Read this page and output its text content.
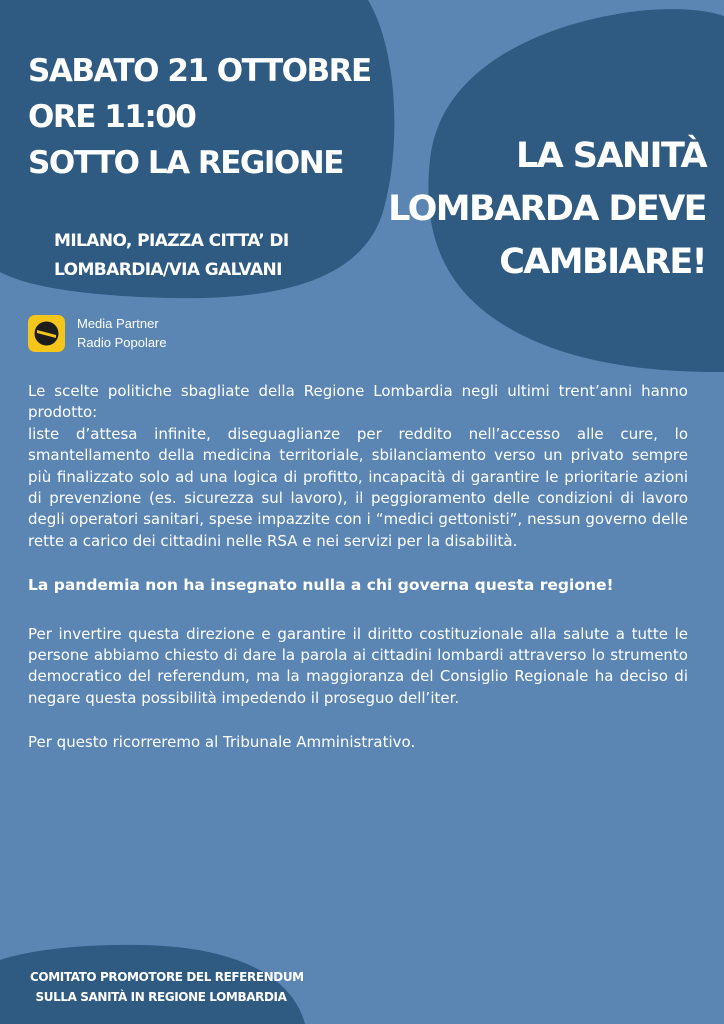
SABATO 21 OTTOBRE
ORE 11:00
SOTTO LA REGIONE
MILANO, PIAZZA CITTA’ DI
LOMBARDIA/VIA GALVANI
LA SANITÀ
LOMBARDA DEVE
CAMBIARE!
Media Partner
Radio Popolare

Le scelte politiche sbagliate della Regione Lombardia negli ultimi trent’anni hanno prodotto:

liste d’attesa infinite, diseguaglianze per reddito nell’accesso alle cure, lo smantellamento della medicina territoriale, sbilanciamento verso un privato sempre più finalizzato solo ad una logica di profitto, incapacità di garantire le prioritarie azioni di prevenzione (es. sicurezza sul lavoro), il peggioramento delle condizioni di lavoro degli operatori sanitari, spese impazzite con i “medici gettonisti”, nessun governo delle rette a carico dei cittadini nelle RSA e nei servizi per la disabilità.

La pandemia non ha insegnato nulla a chi governa questa regione!

Per invertire questa direzione e garantire il diritto costituzionale alla salute a tutte le persone abbiamo chiesto di dare la parola ai cittadini lombardi attraverso lo strumento democratico del referendum, ma la maggioranza del Consiglio Regionale ha deciso di negare questa possibilità impedendo il proseguo dell’iter.

Per questo ricorreremo al Tribunale Amministrativo.

COMITATO PROMOTORE DEL REFERENDUM
SULLA SANITÀ IN REGIONE LOMBARDIA
